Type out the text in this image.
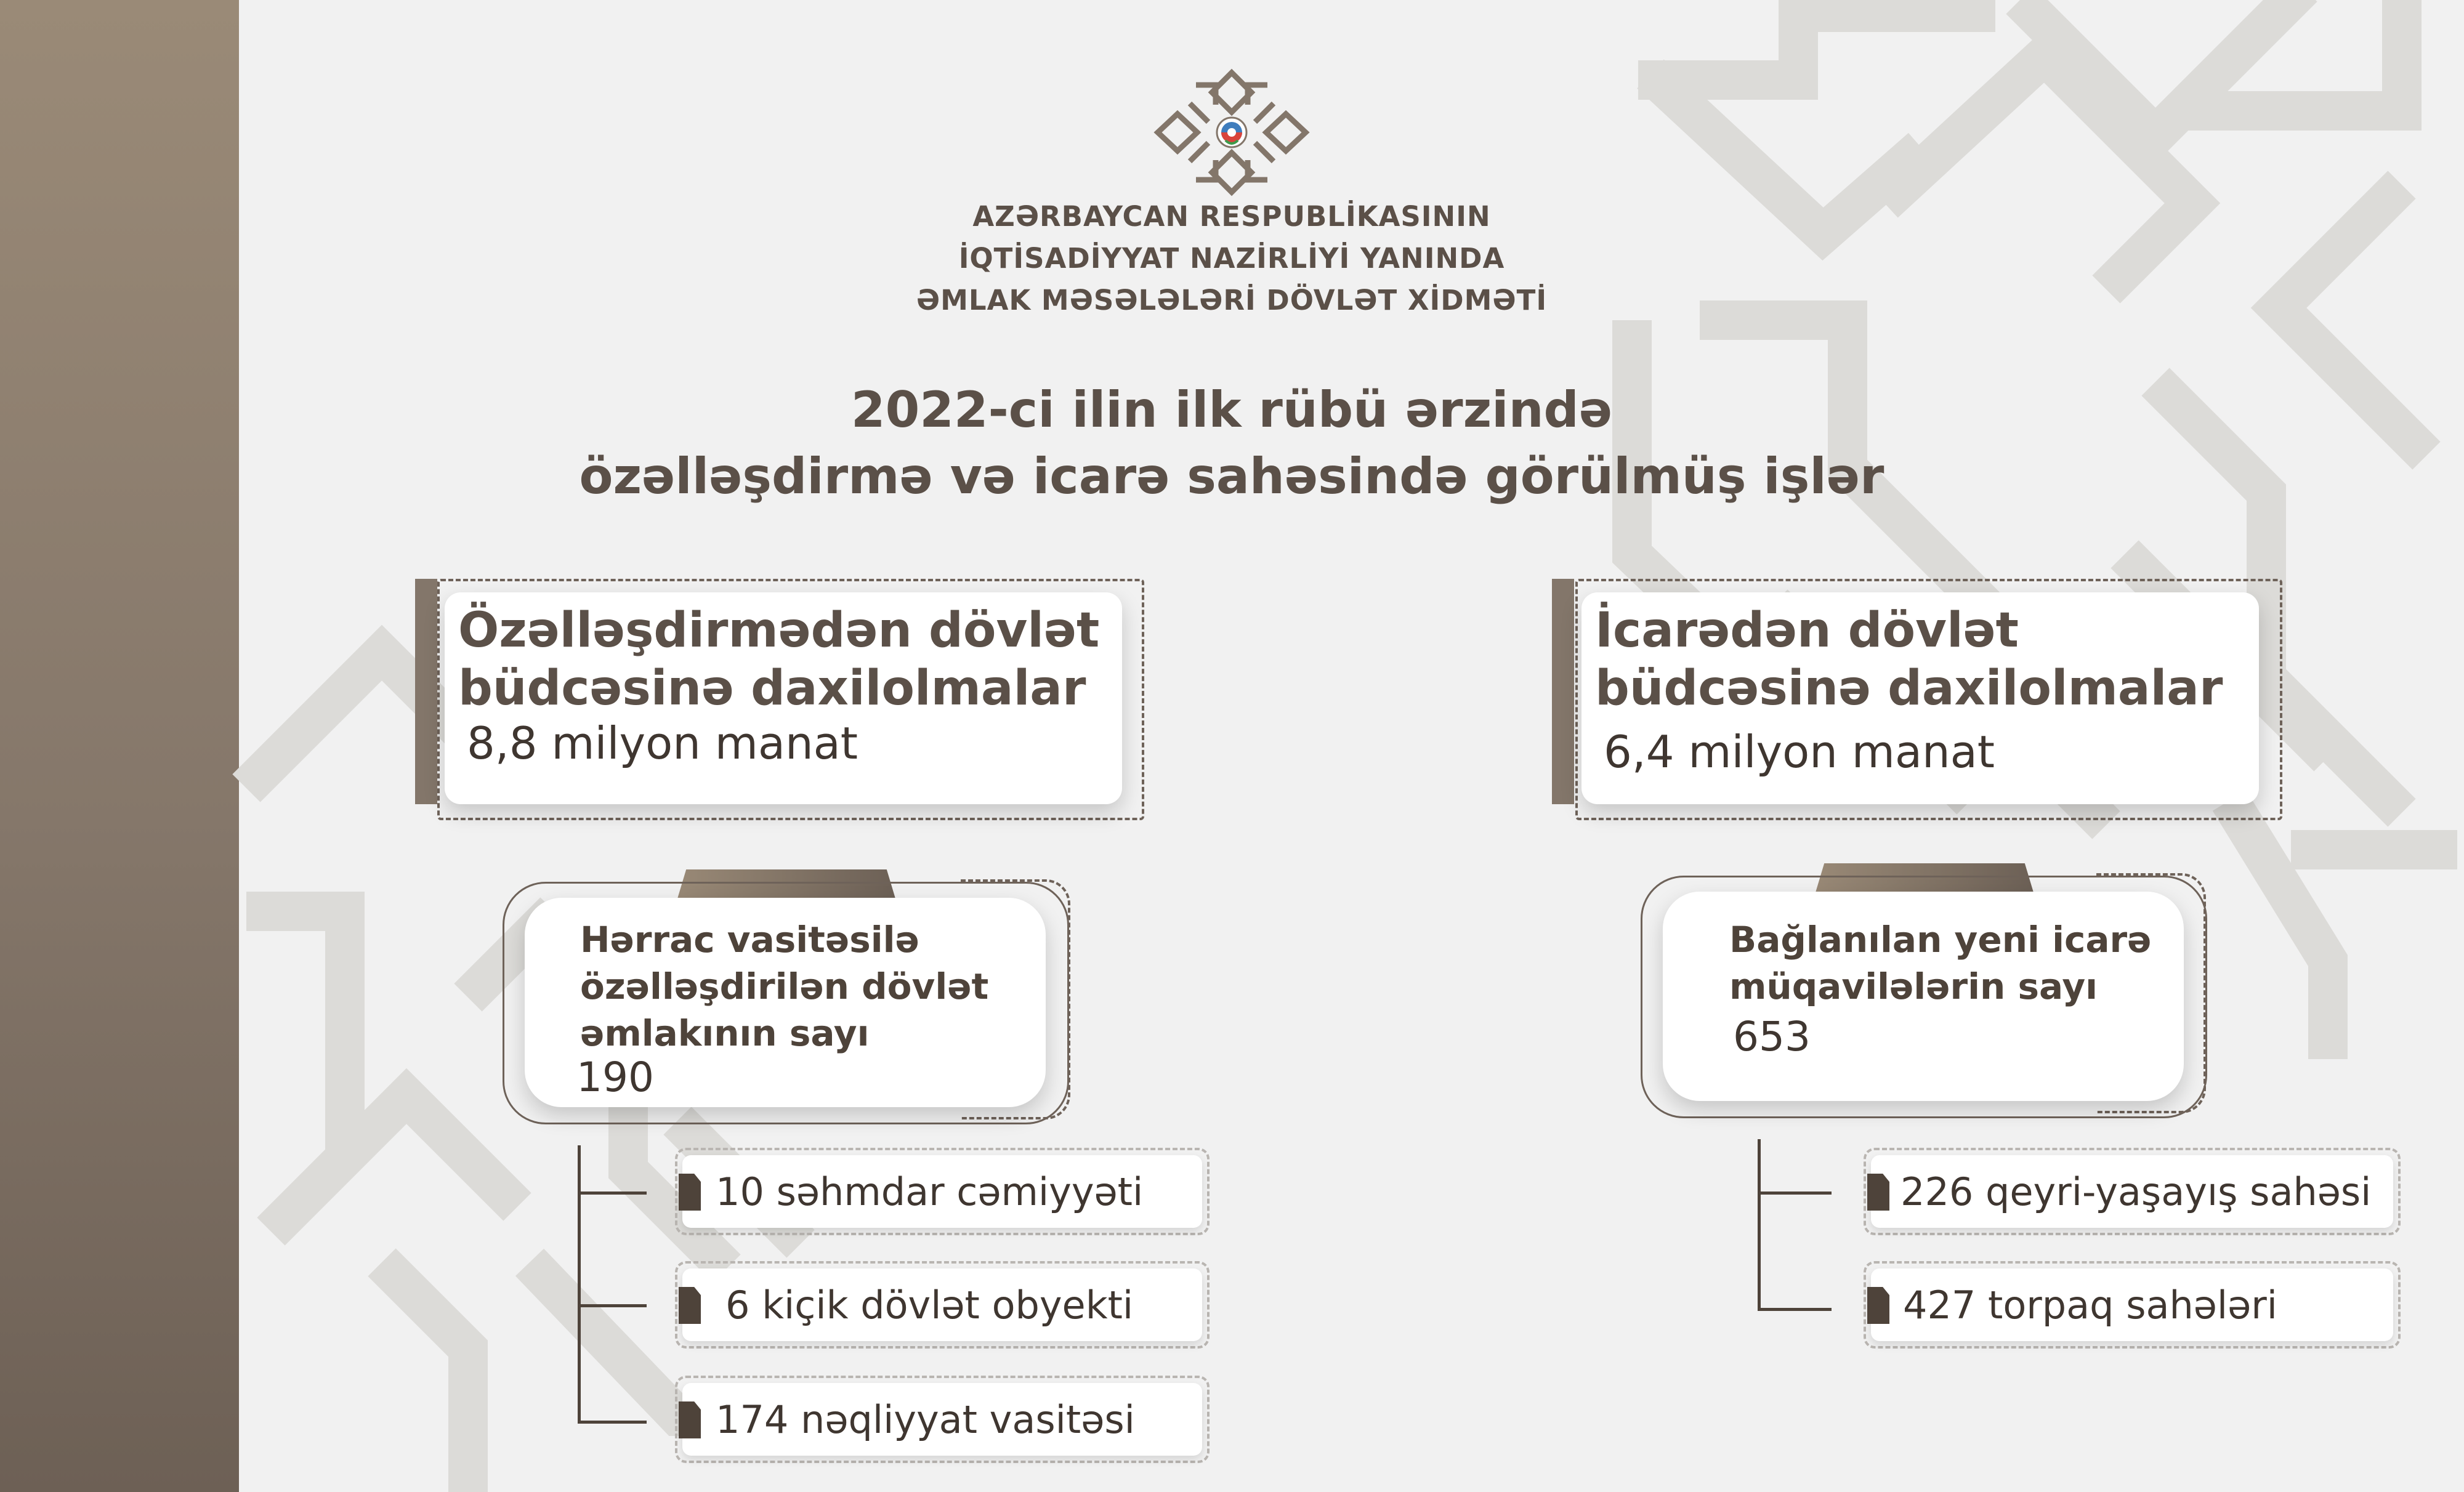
AZƏRBAYCAN RESPUBLİKASININ
İQTİSADİYYAT NAZİRLİYİ YANINDA
ƏMLAK MƏSƏLƏLƏRİ DÖVLƏT XİDMƏTİ
2022-ci ilin ilk rübü ərzində
özəlləşdirmə və icarə sahəsində görülmüş işlər
Özəlləşdirmədən dövlət
büdcəsinə daxilolmalar
8,8 milyon manat
Hərrac vasitəsilə
özəlləşdirilən dövlət
əmlakının sayı
190
10 səhmdar cəmiyyəti
6 kiçik dövlət obyekti
174 nəqliyyat vasitəsi
İcarədən dövlət
büdcəsinə daxilolmalar
6,4 milyon manat
Bağlanılan yeni icarə
müqavilələrin sayı
653
226 qeyri-yaşayış sahəsi
427 torpaq sahələri
